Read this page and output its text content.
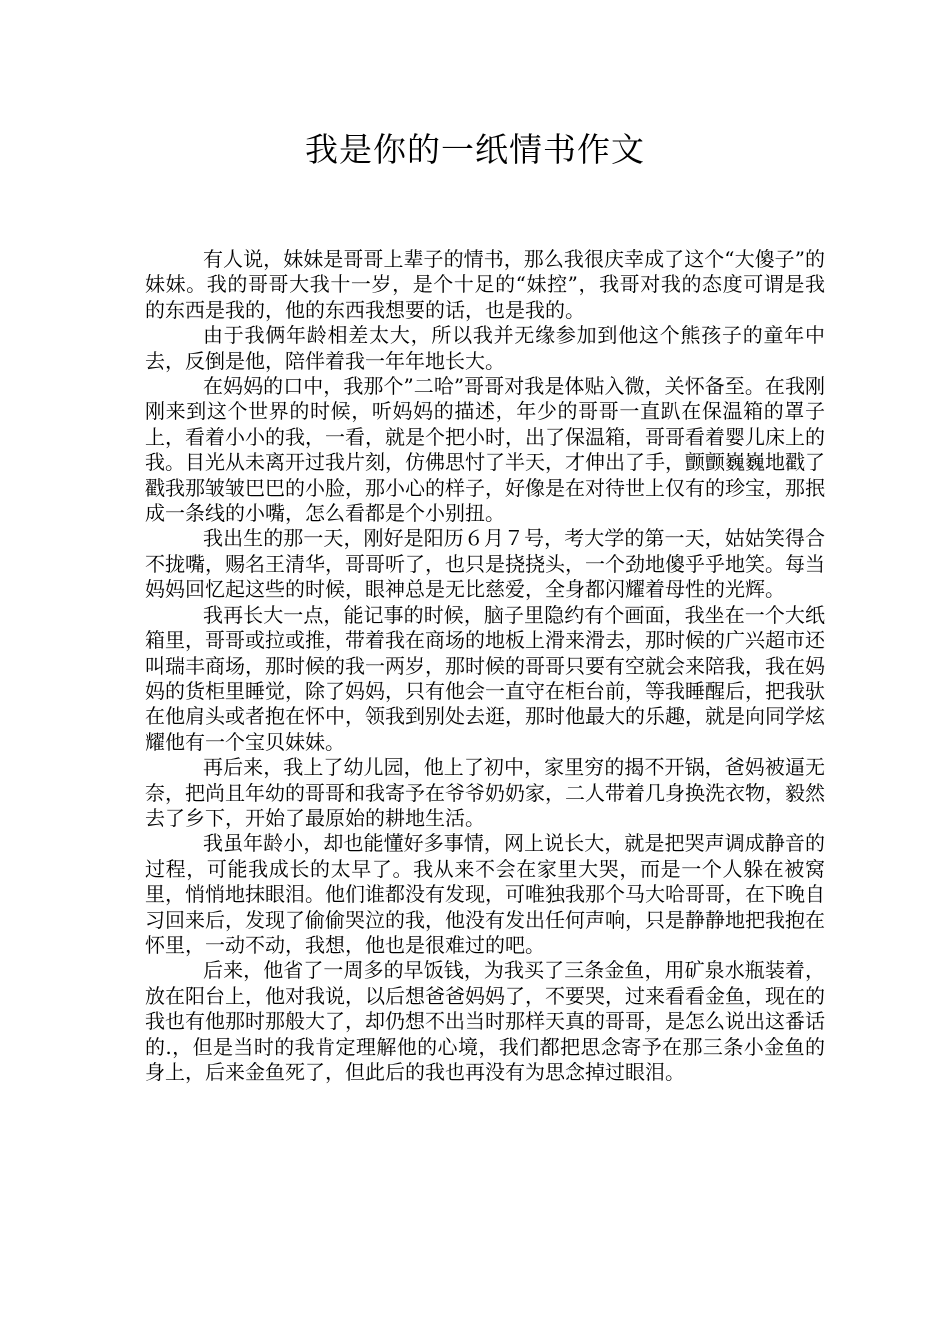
我是你的一纸情书作文

有人说，妹妹是哥哥上辈子的情书，那么我很庆幸成了这个“大傻子”的妹妹。我的哥哥大我十一岁，是个十足的“妹控”，我哥对我的态度可谓是我的东西是我的，他的东西我想要的话，也是我的。

由于我俩年龄相差太大，所以我并无缘参加到他这个熊孩子的童年中去，反倒是他，陪伴着我一年年地长大。

在妈妈的口中，我那个”二哈”哥哥对我是体贴入微，关怀备至。在我刚刚来到这个世界的时候，听妈妈的描述，年少的哥哥一直趴在保温箱的罩子上，看着小小的我，一看，就是个把小时，出了保温箱，哥哥看着婴儿床上的我。目光从未离开过我片刻，仿佛思忖了半天，才伸出了手，颤颤巍巍地戳了戳我那皱皱巴巴的小脸，那小心的样子，好像是在对待世上仅有的珍宝，那抿成一条线的小嘴，怎么看都是个小别扭。

我出生的那一天，刚好是阳历６月７号，考大学的第一天，姑姑笑得合不拢嘴，赐名王清华，哥哥听了，也只是挠挠头，一个劲地傻乎乎地笑。每当妈妈回忆起这些的时候，眼神总是无比慈爱，全身都闪耀着母性的光辉。

我再长大一点，能记事的时候，脑子里隐约有个画面，我坐在一个大纸箱里，哥哥或拉或推，带着我在商场的地板上滑来滑去，那时候的广兴超市还叫瑞丰商场，那时候的我一两岁，那时候的哥哥只要有空就会来陪我，我在妈妈的货柜里睡觉，除了妈妈，只有他会一直守在柜台前，等我睡醒后，把我驮在他肩头或者抱在怀中，领我到别处去逛，那时他最大的乐趣，就是向同学炫耀他有一个宝贝妹妹。

再后来，我上了幼儿园，他上了初中，家里穷的揭不开锅，爸妈被逼无奈，把尚且年幼的哥哥和我寄予在爷爷奶奶家，二人带着几身换洗衣物，毅然去了乡下，开始了最原始的耕地生活。

我虽年龄小，却也能懂好多事情，网上说长大，就是把哭声调成静音的过程，可能我成长的太早了。我从来不会在家里大哭，而是一个人躲在被窝里，悄悄地抹眼泪。他们谁都没有发现，可唯独我那个马大哈哥哥，在下晚自习回来后，发现了偷偷哭泣的我，他没有发出任何声响，只是静静地把我抱在怀里，一动不动，我想，他也是很难过的吧。

后来，他省了一周多的早饭钱，为我买了三条金鱼，用矿泉水瓶装着，放在阳台上，他对我说，以后想爸爸妈妈了，不要哭，过来看看金鱼，现在的我也有他那时那般大了，却仍想不出当时那样天真的哥哥，是怎么说出这番话的.，但是当时的我肯定理解他的心境，我们都把思念寄予在那三条小金鱼的身上，后来金鱼死了，但此后的我也再没有为思念掉过眼泪。
